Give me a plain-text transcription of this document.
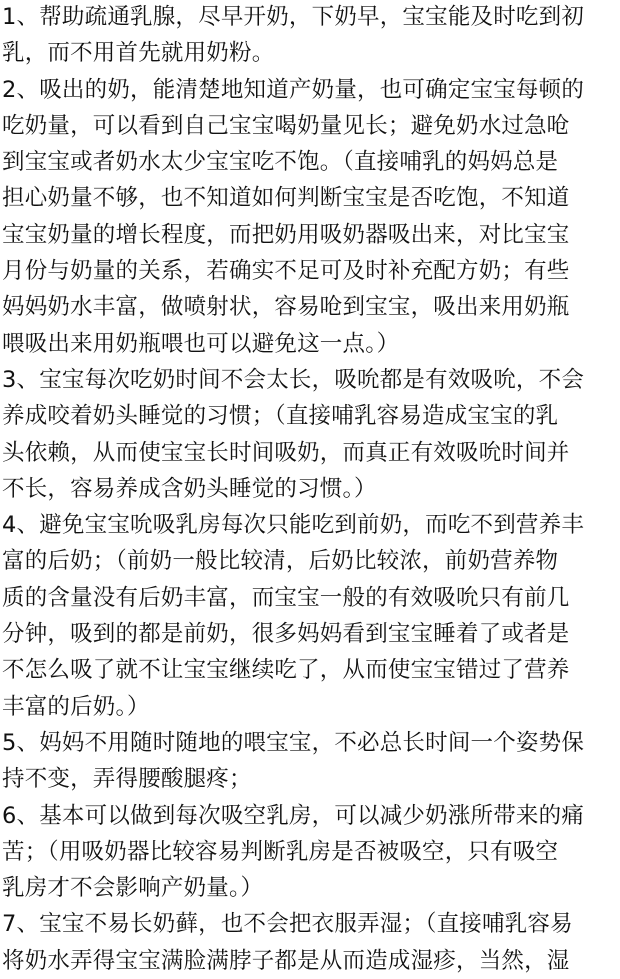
1、帮助疏通乳腺，尽早开奶，下奶早，宝宝能及时吃到初
乳，而不用首先就用奶粉。
2、吸出的奶，能清楚地知道产奶量，也可确定宝宝每顿的
吃奶量，可以看到自己宝宝喝奶量见长；避免奶水过急呛
到宝宝或者奶水太少宝宝吃不饱。（直接哺乳的妈妈总是
担心奶量不够，也不知道如何判断宝宝是否吃饱，不知道
宝宝奶量的增长程度，而把奶用吸奶器吸出来，对比宝宝
月份与奶量的关系，若确实不足可及时补充配方奶；有些
妈妈奶水丰富，做喷射状，容易呛到宝宝，吸出来用奶瓶
喂吸出来用奶瓶喂也可以避免这一点。）
3、宝宝每次吃奶时间不会太长，吸吮都是有效吸吮，不会
养成咬着奶头睡觉的习惯；（直接哺乳容易造成宝宝的乳
头依赖，从而使宝宝长时间吸奶，而真正有效吸吮时间并
不长，容易养成含奶头睡觉的习惯。）
4、避免宝宝吮吸乳房每次只能吃到前奶，而吃不到营养丰
富的后奶；（前奶一般比较清，后奶比较浓，前奶营养物
质的含量没有后奶丰富，而宝宝一般的有效吸吮只有前几
分钟，吸到的都是前奶，很多妈妈看到宝宝睡着了或者是
不怎么吸了就不让宝宝继续吃了，从而使宝宝错过了营养
丰富的后奶。）
5、妈妈不用随时随地的喂宝宝，不必总长时间一个姿势保
持不变，弄得腰酸腿疼；
6、基本可以做到每次吸空乳房，可以减少奶涨所带来的痛
苦；（用吸奶器比较容易判断乳房是否被吸空，只有吸空
乳房才不会影响产奶量。）
7、宝宝不易长奶藓，也不会把衣服弄湿；（直接哺乳容易
将奶水弄得宝宝满脸满脖子都是从而造成湿疹，当然，湿
